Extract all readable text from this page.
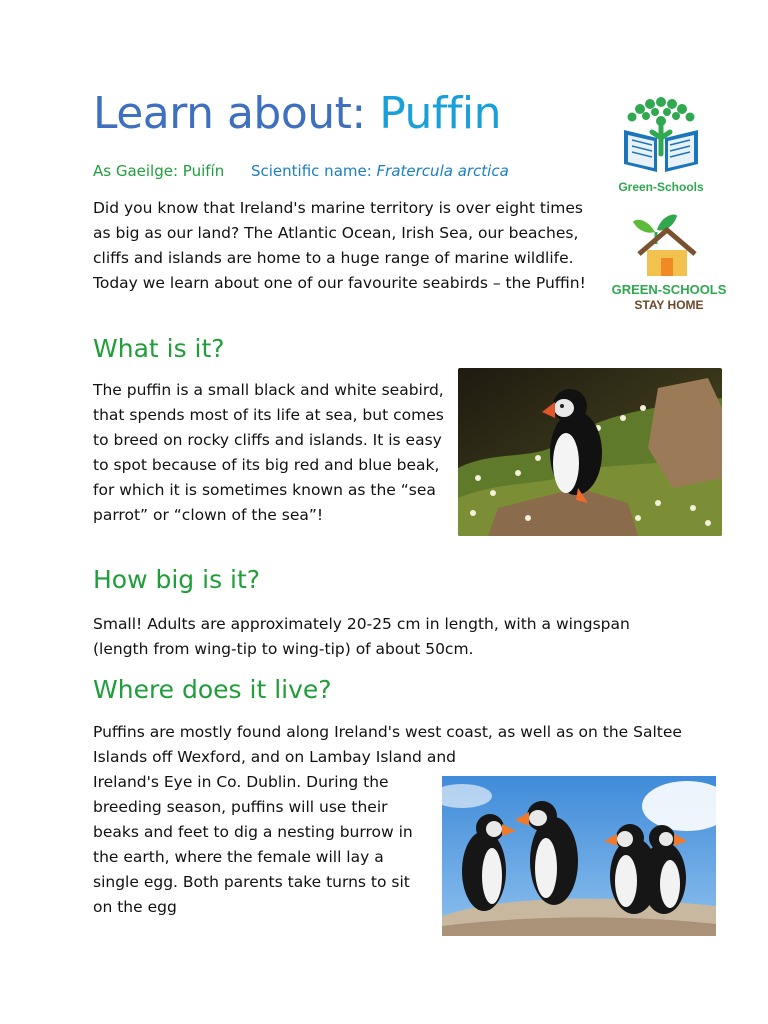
Learn about: Puffin
As Gaeilge: Puifín Scientific name: Fratercula arctica

Did you know that Ireland's marine territory is over eight times as big as our land? The Atlantic Ocean, Irish Sea, our beaches, cliffs and islands are home to a huge range of marine wildlife. Today we learn about one of our favourite seabirds – the Puffin!

Green-Schools
GREEN-SCHOOLS
STAY HOME
What is it?

The puffin is a small black and white seabird, that spends most of its life at sea, but comes to breed on rocky cliffs and islands. It is easy to spot because of its big red and blue beak, for which it is sometimes known as the “sea parrot” or “clown of the sea”!

How big is it?

Small! Adults are approximately 20-25 cm in length, with a wingspan (length from wing-tip to wing-tip) of about 50cm.

Where does it live?

Puffins are mostly found along Ireland's west coast, as well as on the Saltee Islands off Wexford, and on Lambay Island and

Ireland's Eye in Co. Dublin. During the breeding season, puffins will use their beaks and feet to dig a nesting burrow in the earth, where the female will lay a single egg. Both parents take turns to sit on the egg
